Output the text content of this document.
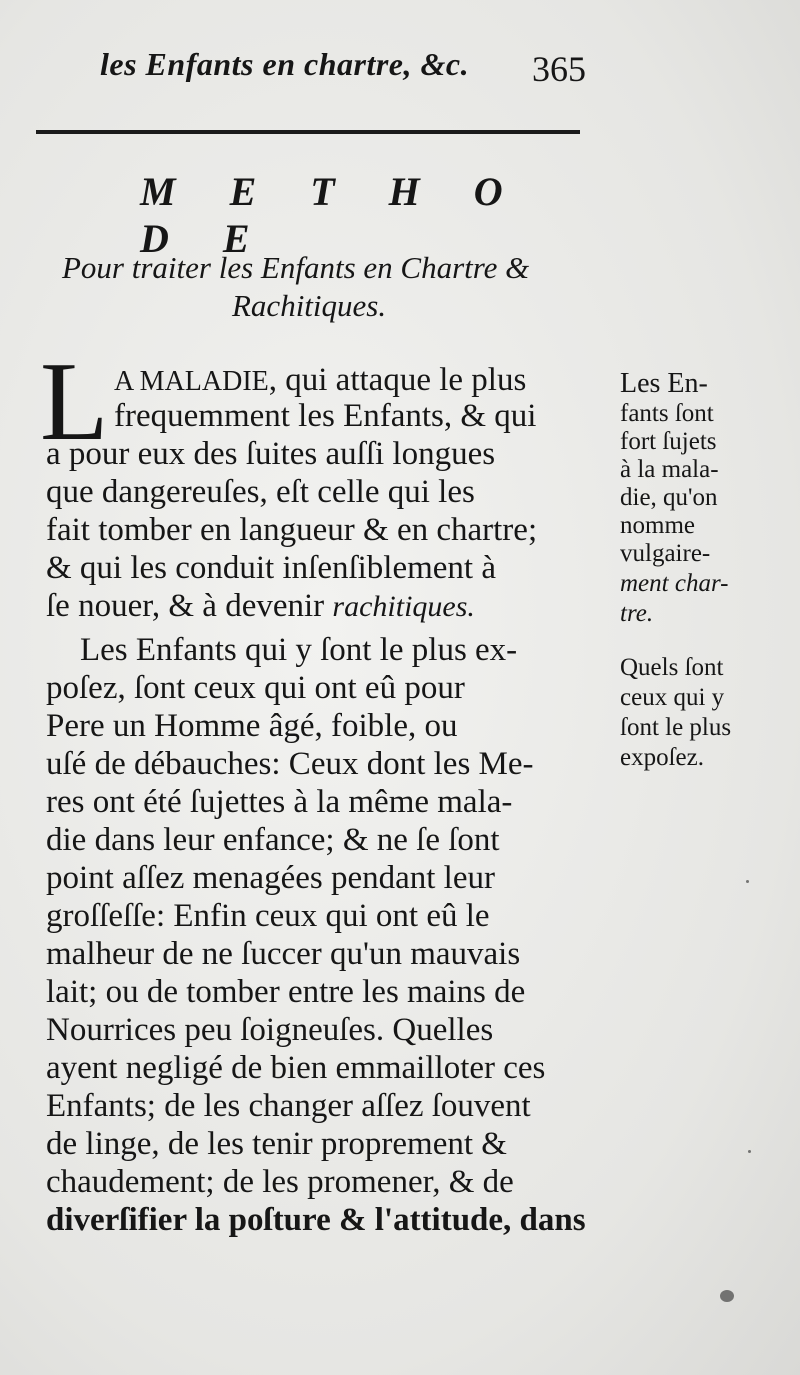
les Enfants en chartre, &c.	365
M E T H O D E
Pour traiter les Enfants en Chartre &
Rachitiques.
L A MALADIE, qui attaque le plus
frequemment les Enfants, & qui
a pour eux des ſuites auſſi longues
que dangereuſes, eſt celle qui les
fait tomber en langueur & en chartre;
& qui les conduit inſenſiblement à
ſe nouer, & à devenir rachitiques.
Les Enfants qui y ſont le plus ex-
poſez, ſont ceux qui ont eû pour
Pere un Homme âgé, foible, ou
uſé de débauches: Ceux dont les Me-
res ont été ſujettes à la même mala-
die dans leur enfance; & ne ſe ſont
point aſſez menagées pendant leur
groſſeſſe: Enfin ceux qui ont eû le
malheur de ne ſuccer qu'un mauvais
lait; ou de tomber entre les mains de
Nourrices peu ſoigneuſes. Quelles
ayent negligé de bien emmailloter ces
Enfants; de les changer aſſez ſouvent
de linge, de les tenir proprement &
chaudement; de les promener, & de
diverſifier la poſture & l'attitude, dans
Les En-
fants ſont
fort ſujets
à la mala-
die, qu'on
nomme
vulgaire-
ment char-
tre.
Quels ſont
ceux qui y
ſont le plus
expoſez.
